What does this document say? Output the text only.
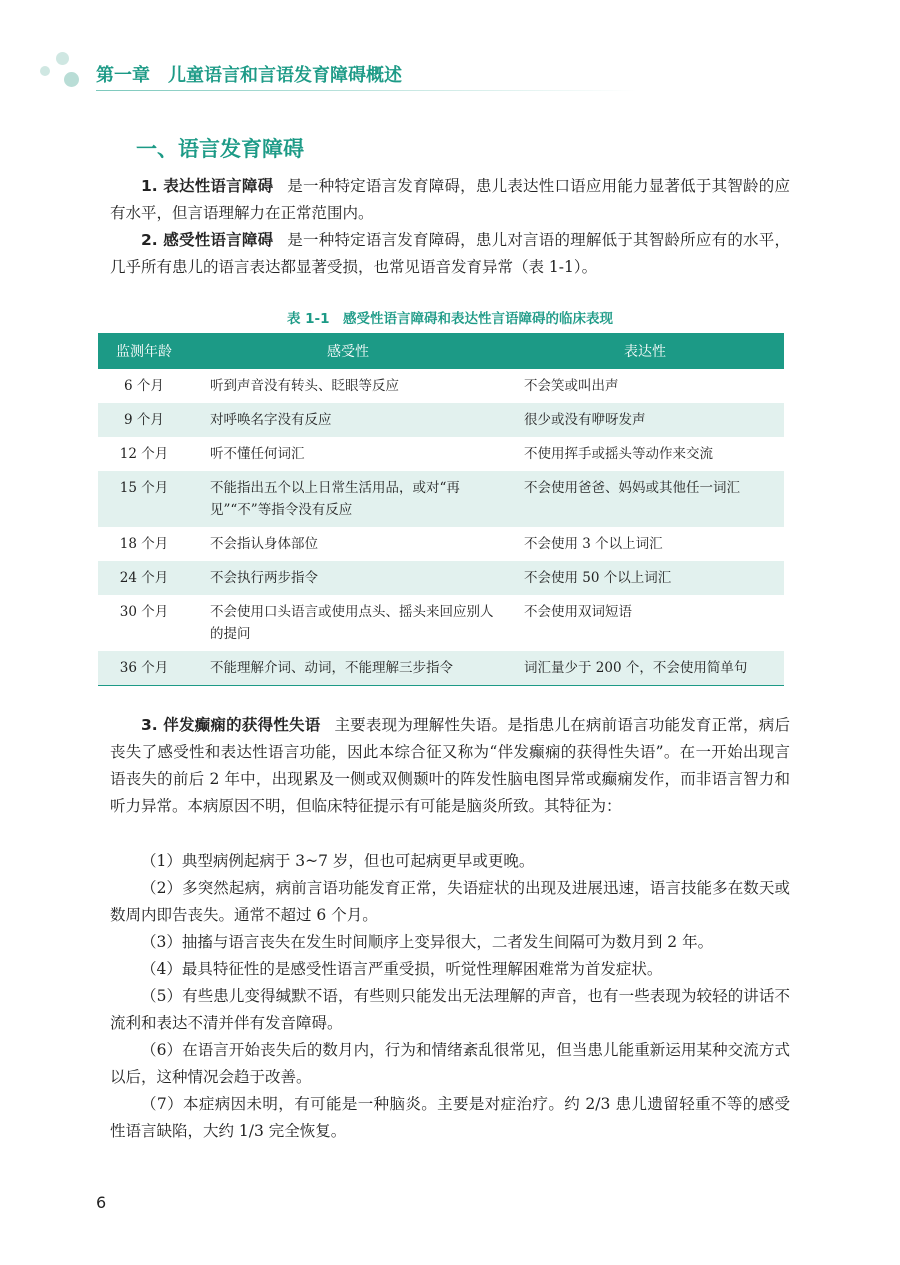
第一章　儿童语言和言语发育障碍概述
一、语言发育障碍
1. 表达性语言障碍 是一种特定语言发育障碍，患儿表达性口语应用能力显著低于其智龄的应有水平，但言语理解力在正常范围内。
2. 感受性语言障碍 是一种特定语言发育障碍，患儿对言语的理解低于其智龄所应有的水平，几乎所有患儿的语言表达都显著受损，也常见语音发育异常（表 1-1）。
表 1-1　感受性语言障碍和表达性言语障碍的临床表现
监测年龄	感受性	表达性
6 个月	听到声音没有转头、眨眼等反应	不会笑或叫出声
9 个月	对呼唤名字没有反应	很少或没有咿呀发声
12 个月	听不懂任何词汇	不使用挥手或摇头等动作来交流
15 个月	不能指出五个以上日常生活用品，或对“再见”“不”等指令没有反应	不会使用爸爸、妈妈或其他任一词汇
18 个月	不会指认身体部位	不会使用 3 个以上词汇
24 个月	不会执行两步指令	不会使用 50 个以上词汇
30 个月	不会使用口头语言或使用点头、摇头来回应别人的提问	不会使用双词短语
36 个月	不能理解介词、动词，不能理解三步指令	词汇量少于 200 个，不会使用简单句
3. 伴发癫痫的获得性失语 主要表现为理解性失语。是指患儿在病前语言功能发育正常，病后丧失了感受性和表达性语言功能，因此本综合征又称为“伴发癫痫的获得性失语”。在一开始出现言语丧失的前后 2 年中，出现累及一侧或双侧颞叶的阵发性脑电图异常或癫痫发作，而非语言智力和听力异常。本病原因不明，但临床特征提示有可能是脑炎所致。其特征为：
（1）典型病例起病于 3~7 岁，但也可起病更早或更晚。
（2）多突然起病，病前言语功能发育正常，失语症状的出现及进展迅速，语言技能多在数天或数周内即告丧失。通常不超过 6 个月。
（3）抽搐与语言丧失在发生时间顺序上变异很大，二者发生间隔可为数月到 2 年。
（4）最具特征性的是感受性语言严重受损，听觉性理解困难常为首发症状。
（5）有些患儿变得缄默不语，有些则只能发出无法理解的声音，也有一些表现为较轻的讲话不流利和表达不清并伴有发音障碍。
（6）在语言开始丧失后的数月内，行为和情绪紊乱很常见，但当患儿能重新运用某种交流方式以后，这种情况会趋于改善。
（7）本症病因未明，有可能是一种脑炎。主要是对症治疗。约 2/3 患儿遗留轻重不等的感受性语言缺陷，大约 1/3 完全恢复。
6
